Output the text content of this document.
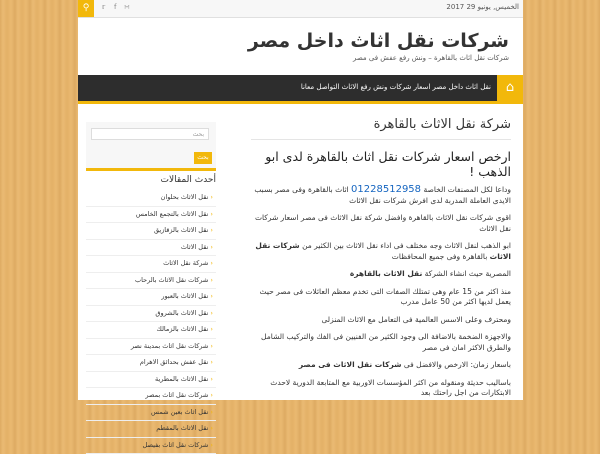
⚲	𝕣 f ∺	الخميس, يونيو 29 2017
شركات نقل اثاث داخل مصر
شركات نقل اثاث بالقاهرة – ونش رفع عفش فى مصر
⌂
نقل اثاث داخل مصر اسعار شركات ونش رفع الاثاث التواصل معانا
شركة نقل الاثاث بالقاهرة
ارخص اسعار شركات نقل اثاث بالقاهرة لدى ابو الذهب !

وداعا لكل المصنفات الخاصة 01228512958 اثاث بالقاهرة وفى مصر بسبب الايدى العاملة المدربة لدى افرش شركات نقل الاثاث

اقوى شركات نقل الاثاث بالقاهرة وافضل شركة نقل الاثاث فى مصر اسعار شركات نقل الاثاث

ابو الذهب لنقل الاثاث وجه مختلف فى اداء نقل الاثاث بين الكثير من شركات نقل الاثاث بالقاهرة وفى جميع المحافظات

المصرية حيث انشاء الشركة نقل الاثاث بالقاهرة

منذ اكثر من 15 عام وهى تمتلك الصفات التى تخدم معظم العائلات فى مصر حيث يعمل لديها اكثر من 50 عامل مدرب

ومحترف وعلى الاسس العالمية فى التعامل مع الاثاث المنزلى

والاجهزة الضخمة بالاضافة الى وجود الكثير من الفنيين فى الفك والتركيب الشامل والطرق الاكثر امان فى مصر

باسعار زمان: الارخص والافضل فى شركات نقل الاثاث فى مصر

باساليب حديثة ومنقوله من اكثر المؤسسات الاوربية مع المتابعة الدورية لاحدث الابتكارات من اجل راحتك بعد

بحث
بحث
أحدث المقالات
‹ نقل الاثاث بحلوان
‹ نقل الاثاث بالتجمع الخامس
‹ نقل الاثاث بالزقازيق
‹ نقل الاثاث
‹ شركة نقل الاثاث
‹ شركات نقل الاثاث بالرحاب
‹ نقل الاثاث بالعبور
‹ نقل الاثاث بالشروق
‹ نقل الاثاث بالزمالك
‹ شركات نقل اثاث بمدينة نصر
‹ نقل عفش بحدائق الاهرام
‹ نقل الاثاث بالمطرية
‹ شركات نقل اثاث بمصر
‹ نقل اثاث بعين شمس
‹ نقل الاثاث بالمقطم
‹ شركات نقل اثاث بفيصل
